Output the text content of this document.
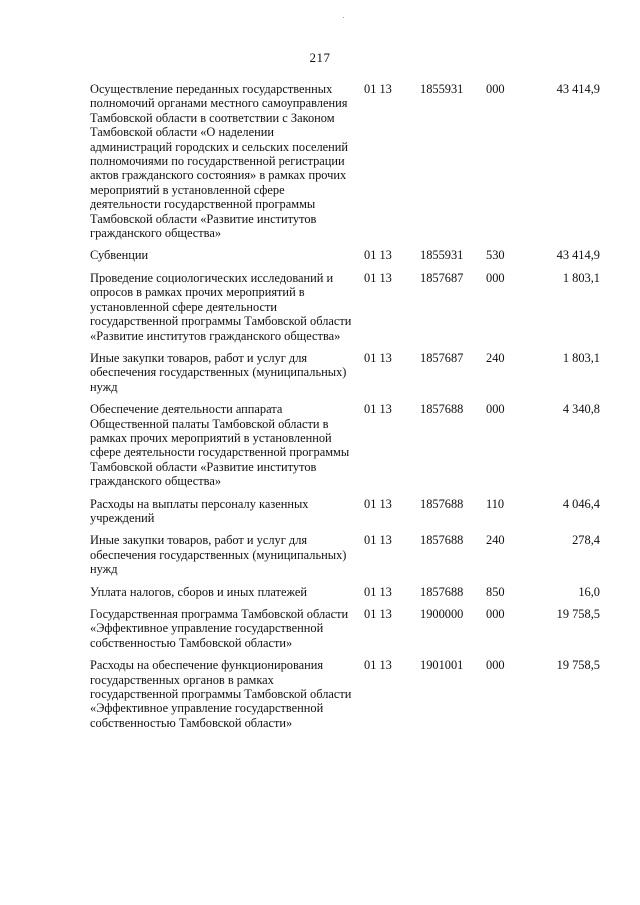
217
Осуществление переданных государственных полномочий органами местного самоуправления Тамбовской области в соответствии с Законом Тамбовской области «О наделении администраций городских и сельских поселений полномочиями по государственной регистрации актов гражданского состояния» в рамках прочих мероприятий в установленной сфере деятельности государственной программы Тамбовской области «Развитие институтов гражданского общества»	01 13	1855931	000	43 414,9
Субвенции	01 13	1855931	530	43 414,9
Проведение социологических исследований и опросов в рамках прочих мероприятий в установленной сфере деятельности государственной программы Тамбовской области «Развитие институтов гражданского общества»	01 13	1857687	000	1 803,1
Иные закупки товаров, работ и услуг для обеспечения государственных (муниципальных) нужд	01 13	1857687	240	1 803,1
Обеспечение деятельности аппарата Общественной палаты Тамбовской области в рамках прочих мероприятий в установленной сфере деятельности государственной программы Тамбовской области «Развитие институтов гражданского общества»	01 13	1857688	000	4 340,8
Расходы на выплаты персоналу казенных учреждений	01 13	1857688	110	4 046,4
Иные закупки товаров, работ и услуг для обеспечения государственных (муниципальных) нужд	01 13	1857688	240	278,4
Уплата налогов, сборов и иных платежей	01 13	1857688	850	16,0
Государственная программа Тамбовской области «Эффективное управление государственной собственностью Тамбовской области»	01 13	1900000	000	19 758,5
Расходы на обеспечение функционирования государственных органов в рамках государственной программы Тамбовской области «Эффективное управление государственной собственностью Тамбовской области»	01 13	1901001	000	19 758,5
